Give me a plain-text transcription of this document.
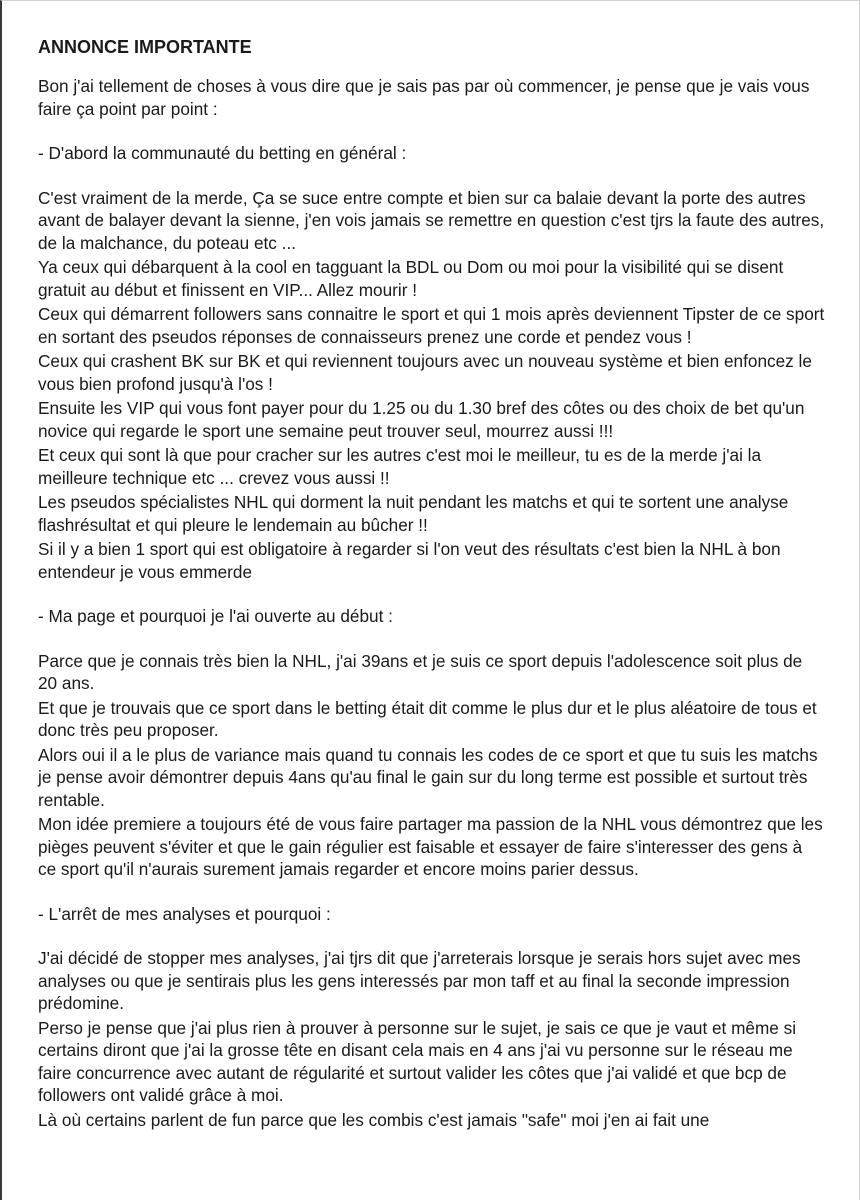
ANNONCE IMPORTANTE

Bon j'ai tellement de choses à vous dire que je sais pas par où commencer, je pense que je vais vous faire ça point par point :

- D'abord la communauté du betting en général :

C'est vraiment de la merde, Ça se suce entre compte et bien sur ca balaie devant la porte des autres avant de balayer devant la sienne, j'en vois jamais se remettre en question c'est tjrs la faute des autres, de la malchance, du poteau etc ...

Ya ceux qui débarquent à la cool en tagguant la BDL ou Dom ou moi pour la visibilité qui se disent gratuit au début et finissent en VIP... Allez mourir !

Ceux qui démarrent followers sans connaitre le sport et qui 1 mois après deviennent Tipster de ce sport en sortant des pseudos réponses de connaisseurs prenez une corde et pendez vous !

Ceux qui crashent BK sur BK et qui reviennent toujours avec un nouveau système et bien enfoncez le vous bien profond jusqu'à l'os !

Ensuite les VIP qui vous font payer pour du 1.25 ou du 1.30 bref des côtes ou des choix de bet qu'un novice qui regarde le sport une semaine peut trouver seul, mourrez aussi !!!

Et ceux qui sont là que pour cracher sur les autres c'est moi le meilleur, tu es de la merde j'ai la meilleure technique etc ... crevez vous aussi !!

Les pseudos spécialistes NHL qui dorment la nuit pendant les matchs et qui te sortent une analyse flashrésultat et qui pleure le lendemain au bûcher !!

Si il y a bien 1 sport qui est obligatoire à regarder si l'on veut des résultats c'est bien la NHL à bon entendeur je vous emmerde

- Ma page et pourquoi je l'ai ouverte au début :

Parce que je connais très bien la NHL, j'ai 39ans et je suis ce sport depuis l'adolescence soit plus de 20 ans.

Et que je trouvais que ce sport dans le betting était dit comme le plus dur et le plus aléatoire de tous et donc très peu proposer.

Alors oui il a le plus de variance mais quand tu connais les codes de ce sport et que tu suis les matchs je pense avoir démontrer depuis 4ans qu'au final le gain sur du long terme est possible et surtout très rentable.

Mon idée premiere a toujours été de vous faire partager ma passion de la NHL vous démontrez que les pièges peuvent s'éviter et que le gain régulier est faisable et essayer de faire s'interesser des gens à ce sport qu'il n'aurais surement jamais regarder et encore moins parier dessus.

- L'arrêt de mes analyses et pourquoi :

J'ai décidé de stopper mes analyses, j'ai tjrs dit que j'arreterais lorsque je serais hors sujet avec mes analyses ou que je sentirais plus les gens interessés par mon taff et au final la seconde impression prédomine.

Perso je pense que j'ai plus rien à prouver à personne sur le sujet, je sais ce que je vaut et même si certains diront que j'ai la grosse tête en disant cela mais en 4 ans j'ai vu personne sur le réseau me faire concurrence avec autant de régularité et surtout valider les côtes que j'ai validé et que bcp de followers ont validé grâce à moi.

Là où certains parlent de fun parce que les combis c'est jamais "safe" moi j'en ai fait une
